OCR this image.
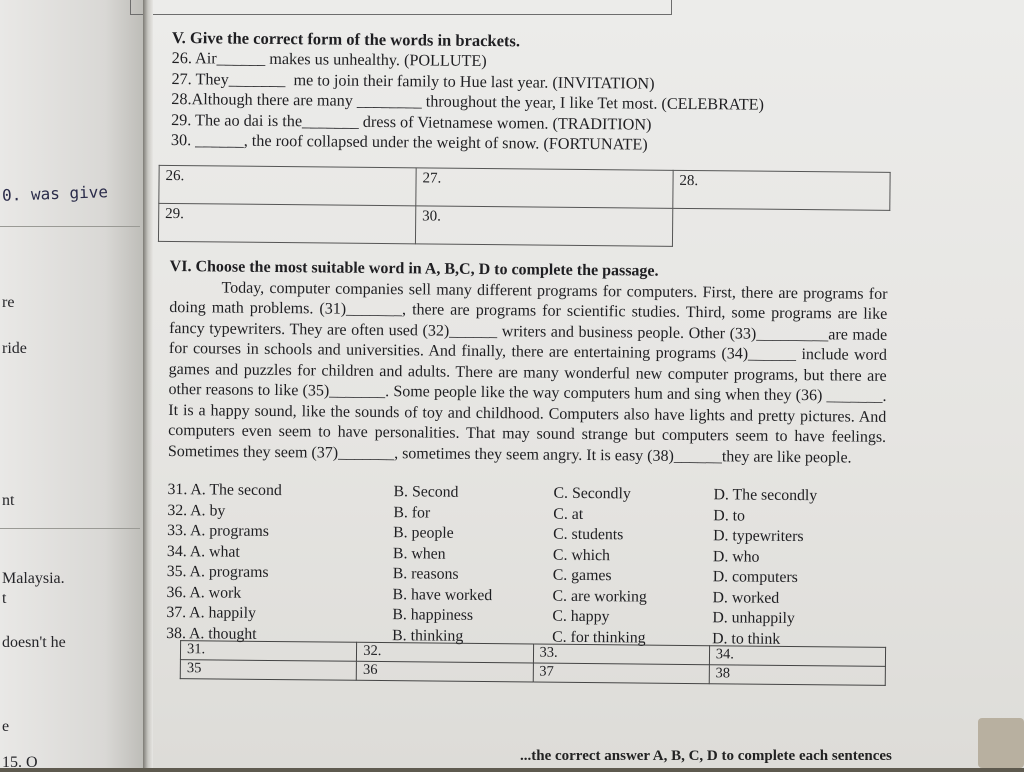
0. was give
re
ride
nt
Malaysia.
t
doesn't he
e
15. O

V. Give the correct form of the words in brackets.

26. Air______ makes us unhealthy. (POLLUTE)
27. They_______  me to join their family to Hue last year. (INVITATION)
28.Although there are many ________ throughout the year, I like Tet most. (CELEBRATE)
29. The ao dai is the_______ dress of Vietnamese women. (TRADITION)
30. ______, the roof collapsed under the weight of snow. (FORTUNATE)
26.	27.	28.
29.	30.	

VI. Choose the most suitable word in A, B,C, D to complete the passage.

Today, computer companies sell many different programs for computers. First, there are programs for doing math problems. (31)_______, there are programs for scientific studies. Third, some programs are like fancy typewriters. They are often used (32)______ writers and business people. Other (33)_________are made for courses in schools and universities. And finally, there are entertaining programs (34)______ include word games and puzzles for children and adults. There are many wonderful new computer programs, but there are other reasons to like (35)_______. Some people like the way computers hum and sing when they (36) _______. It is a happy sound, like the sounds of toy and childhood. Computers also have lights and pretty pictures. And computers even seem to have personalities. That may sound strange but computers seem to have feelings. Sometimes they seem (37)_______, sometimes they seem angry. It is easy (38)______they are like people.

31. A. The second	B. Second	C. Secondly	D. The secondly
32. A. by	B. for	C. at	D. to
33. A. programs	B. people	C. students	D. typewriters
34. A. what	B. when	C. which	D. who
35. A. programs	B. reasons	C. games	D. computers
36. A. work	B. have worked	C. are working	D. worked
37. A. happily	B. happiness	C. happy	D. unhappily
38. A. thought	B. thinking	C. for thinking	D. to think
31.	32.	33.	34.
35	36	37	38
...the correct answer A, B, C, D to complete each sentences
